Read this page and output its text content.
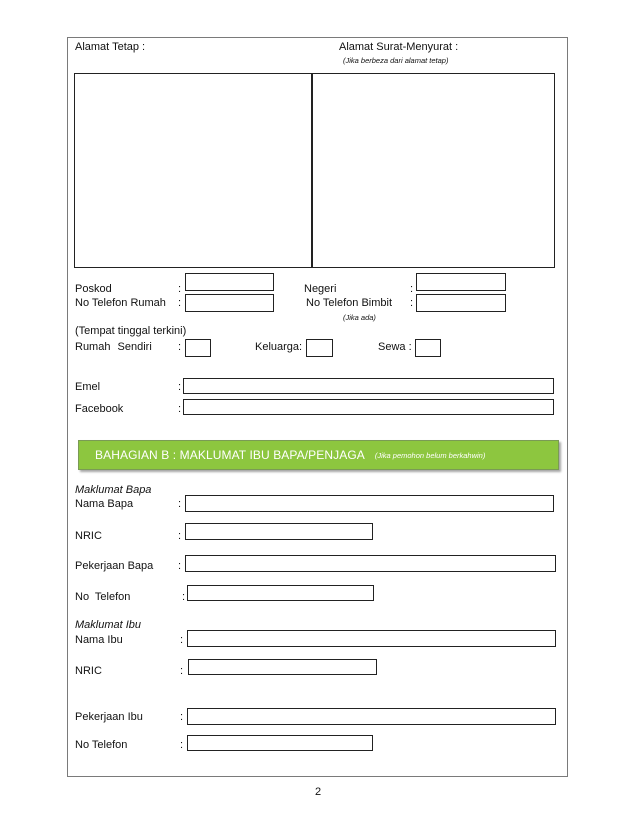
Alamat Tetap :	Alamat Surat-Menyurat :
(Jika berbeza dari alamat tetap)
Poskod	:	Negeri	:
No Telefon Rumah :	No Telefon Bimbit :
(Jika ada)
(Tempat tinggal terkini)
Rumah Sendiri :	Keluarga:	Sewa :
Emel	:
Facebook	:
BAHAGIAN B : MAKLUMAT IBU BAPA/PENJAGA (Jika pemohon belum berkahwin)
Maklumat Bapa
Nama Bapa	:
NRIC	:
Pekerjaan Bapa :
No Telefon	:
Maklumat Ibu
Nama Ibu	:
NRIC	:
Pekerjaan Ibu	:
No Telefon	:
2
